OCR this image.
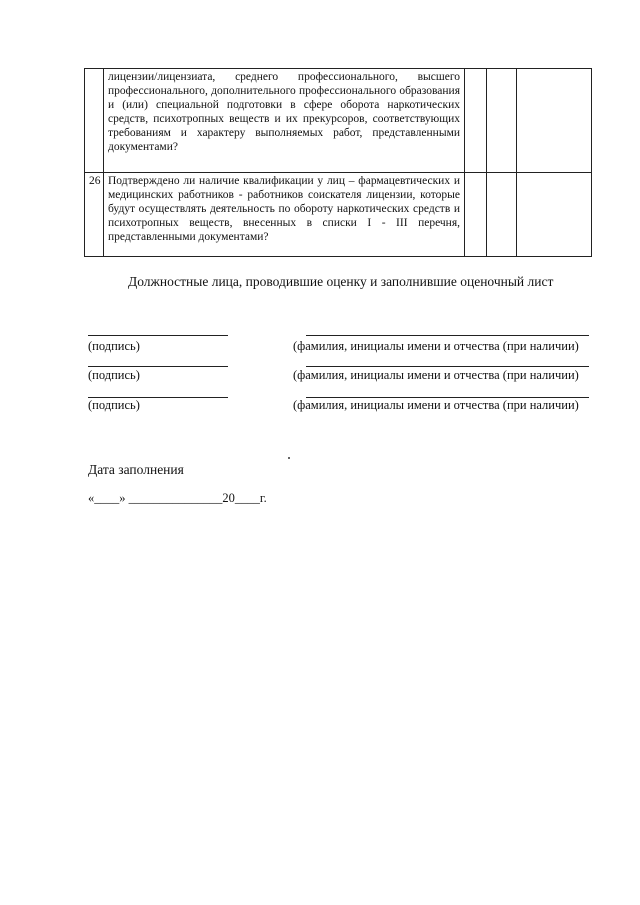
	лицензии/лицензиата, среднего профессионального, высшего профессионального, дополнительного профессионального образования и (или) специальной подготовки в сфере оборота наркотических средств, психотропных веществ и их прекурсоров, соответствующих требованиям и характеру выполняемых работ, представленными документами?			
26	Подтверждено ли наличие квалификации у лиц – фармацевтических и медицинских работников - работников соискателя лицензии, которые будут осуществлять деятельность по обороту наркотических средств и психотропных веществ, внесенных в списки I - III перечня, представленными документами?			
Должностные лица, проводившие оценку и заполнившие оценочный лист
(подпись)	(фамилия, инициалы имени и отчества (при наличии)
(подпись)	(фамилия, инициалы имени и отчества (при наличии)
(подпись)	(фамилия, инициалы имени и отчества (при наличии)
Дата заполнения
«____» _______________20____г.
